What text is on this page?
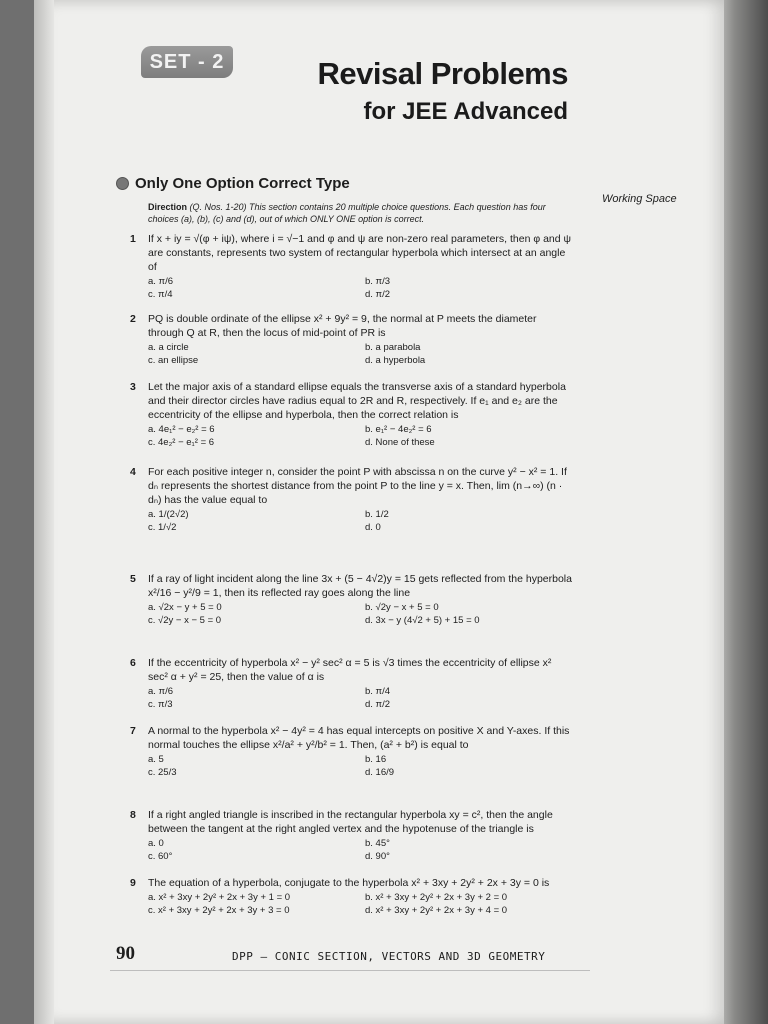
SET - 2	Revisal Problems
for JEE Advanced
Only One Option Correct Type
Working Space
Direction (Q. Nos. 1-20) This section contains 20 multiple choice questions. Each question has four choices (a), (b), (c) and (d), out of which ONLY ONE option is correct.
1 If x + iy = √(φ + iψ), where i = √−1 and φ and ψ are non-zero real parameters, then φ and ψ are constants, represents two system of rectangular hyperbola which intersect at an angle of
a. π/6	b. π/3
c. π/4	d. π/2
2 PQ is double ordinate of the ellipse x² + 9y² = 9, the normal at P meets the diameter through Q at R, then the locus of mid-point of PR is
a. a circle	b. a parabola
c. an ellipse	d. a hyperbola
3 Let the major axis of a standard ellipse equals the transverse axis of a standard hyperbola and their director circles have radius equal to 2R and R, respectively. If e₁ and e₂ are the eccentricity of the ellipse and hyperbola, then the correct relation is
a. 4e₁² − e₂² = 6	b. e₁² − 4e₂² = 6
c. 4e₂² − e₁² = 6	d. None of these
4 For each positive integer n, consider the point P with abscissa n on the curve y² − x² = 1. If dₙ represents the shortest distance from the point P to the line y = x. Then, lim (n→∞) (n · dₙ) has the value equal to
a. 1/(2√2)	b. 1/2
c. 1/√2	d. 0
5 If a ray of light incident along the line 3x + (5 − 4√2)y = 15 gets reflected from the hyperbola x²/16 − y²/9 = 1, then its reflected ray goes along the line
a. √2x − y + 5 = 0	b. √2y − x + 5 = 0
c. √2y − x − 5 = 0	d. 3x − y (4√2 + 5) + 15 = 0
6 If the eccentricity of hyperbola x² − y² sec² α = 5 is √3 times the eccentricity of ellipse x² sec² α + y² = 25, then the value of α is
a. π/6	b. π/4
c. π/3	d. π/2
7 A normal to the hyperbola x² − 4y² = 4 has equal intercepts on positive X and Y-axes. If this normal touches the ellipse x²/a² + y²/b² = 1. Then, (a² + b²) is equal to
a. 5	b. 16
c. 25/3	d. 16/9
8 If a right angled triangle is inscribed in the rectangular hyperbola xy = c², then the angle between the tangent at the right angled vertex and the hypotenuse of the triangle is
a. 0	b. 45°
c. 60°	d. 90°
9 The equation of a hyperbola, conjugate to the hyperbola x² + 3xy + 2y² + 2x + 3y = 0 is
a. x² + 3xy + 2y² + 2x + 3y + 1 = 0	b. x² + 3xy + 2y² + 2x + 3y + 2 = 0
c. x² + 3xy + 2y² + 2x + 3y + 3 = 0	d. x² + 3xy + 2y² + 2x + 3y + 4 = 0
90	DPP – CONIC SECTION, VECTORS AND 3D GEOMETRY
